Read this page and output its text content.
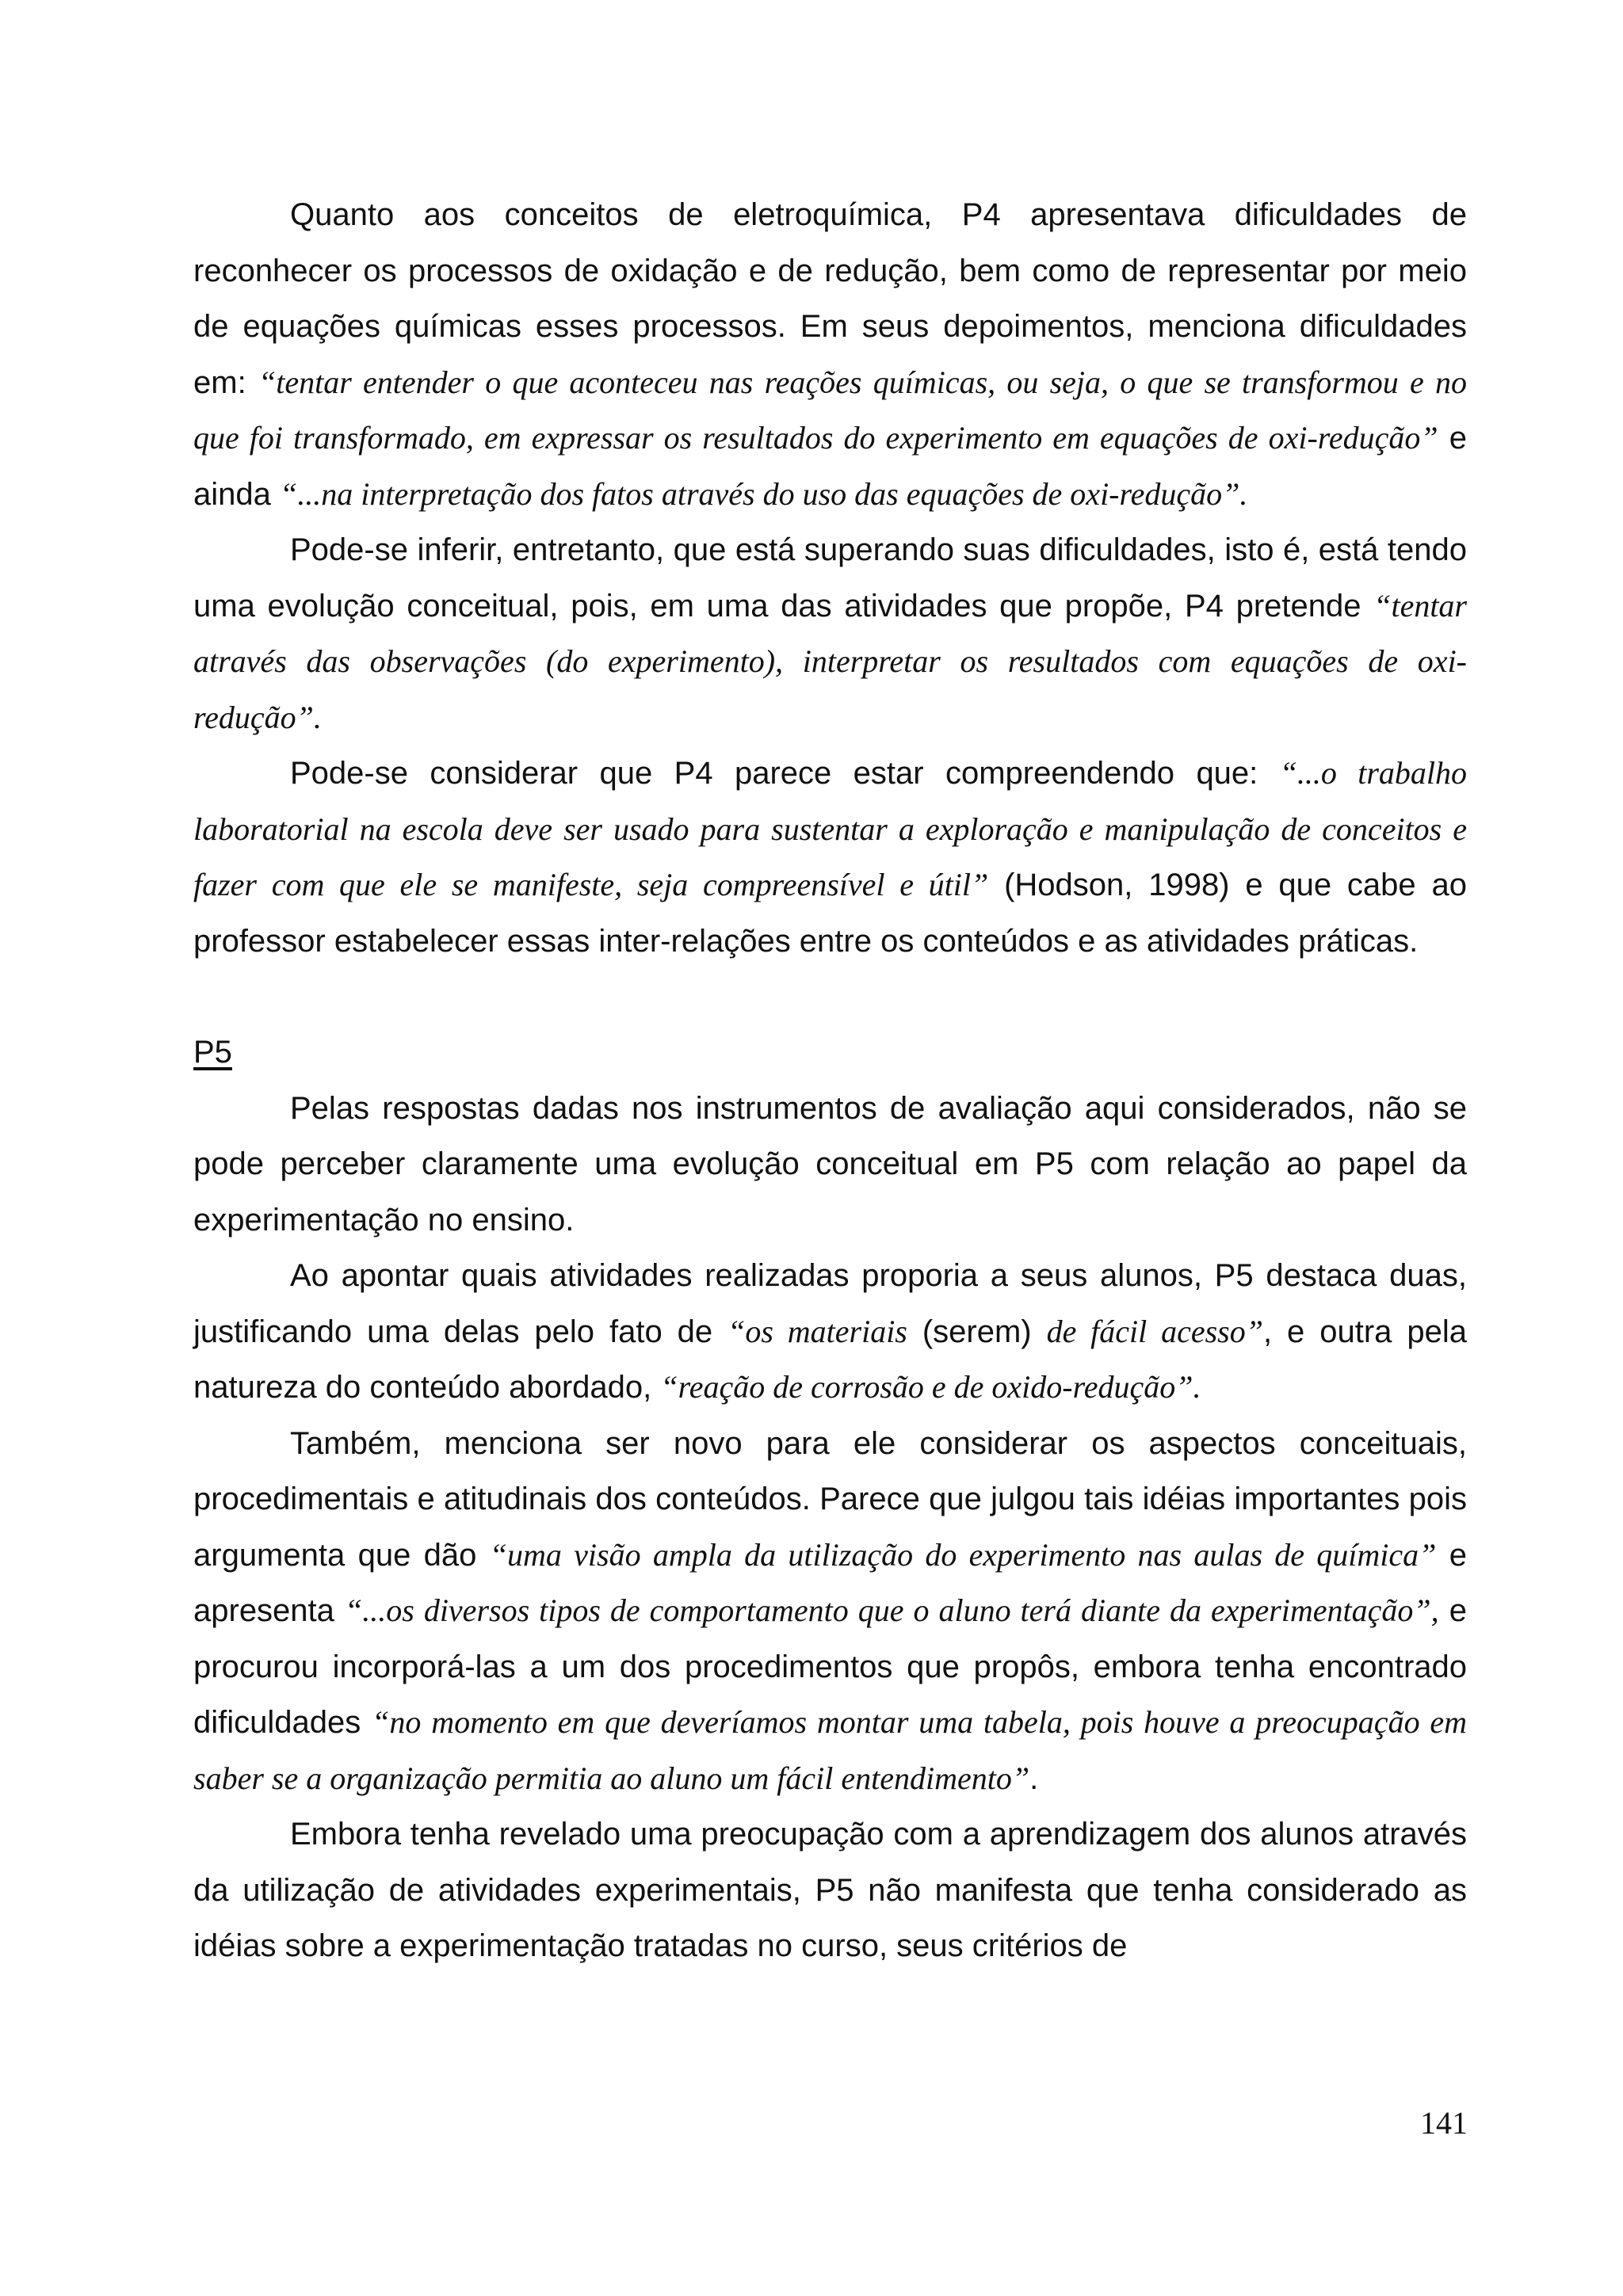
Quanto aos conceitos de eletroquímica, P4 apresentava dificuldades de reconhecer os processos de oxidação e de redução, bem como de representar por meio de equações químicas esses processos. Em seus depoimentos, menciona dificuldades em: “tentar entender o que aconteceu nas reações químicas, ou seja, o que se transformou e no que foi transformado, em expressar os resultados do experimento em equações de oxi-redução” e ainda “...na interpretação dos fatos através do uso das equações de oxi-redução”.

Pode-se inferir, entretanto, que está superando suas dificuldades, isto é, está tendo uma evolução conceitual, pois, em uma das atividades que propõe, P4 pretende “tentar através das observações (do experimento), interpretar os resultados com equações de oxi-redução”.

Pode-se considerar que P4 parece estar compreendendo que: “...o trabalho laboratorial na escola deve ser usado para sustentar a exploração e manipulação de conceitos e fazer com que ele se manifeste, seja compreensível e útil” (Hodson, 1998) e que cabe ao professor estabelecer essas inter-relações entre os conteúdos e as atividades práticas.

P5

Pelas respostas dadas nos instrumentos de avaliação aqui considerados, não se pode perceber claramente uma evolução conceitual em P5 com relação ao papel da experimentação no ensino.

Ao apontar quais atividades realizadas proporia a seus alunos, P5 destaca duas, justificando uma delas pelo fato de “os materiais (serem) de fácil acesso”, e outra pela natureza do conteúdo abordado, “reação de corrosão e de oxido-redução”.

Também, menciona ser novo para ele considerar os aspectos conceituais, procedimentais e atitudinais dos conteúdos. Parece que julgou tais idéias importantes pois argumenta que dão “uma visão ampla da utilização do experimento nas aulas de química” e apresenta “...os diversos tipos de comportamento que o aluno terá diante da experimentação”, e procurou incorporá-las a um dos procedimentos que propôs, embora tenha encontrado dificuldades “no momento em que deveríamos montar uma tabela, pois houve a preocupação em saber se a organização permitia ao aluno um fácil entendimento”.

Embora tenha revelado uma preocupação com a aprendizagem dos alunos através da utilização de atividades experimentais, P5 não manifesta que tenha considerado as idéias sobre a experimentação tratadas no curso, seus critérios de

141
